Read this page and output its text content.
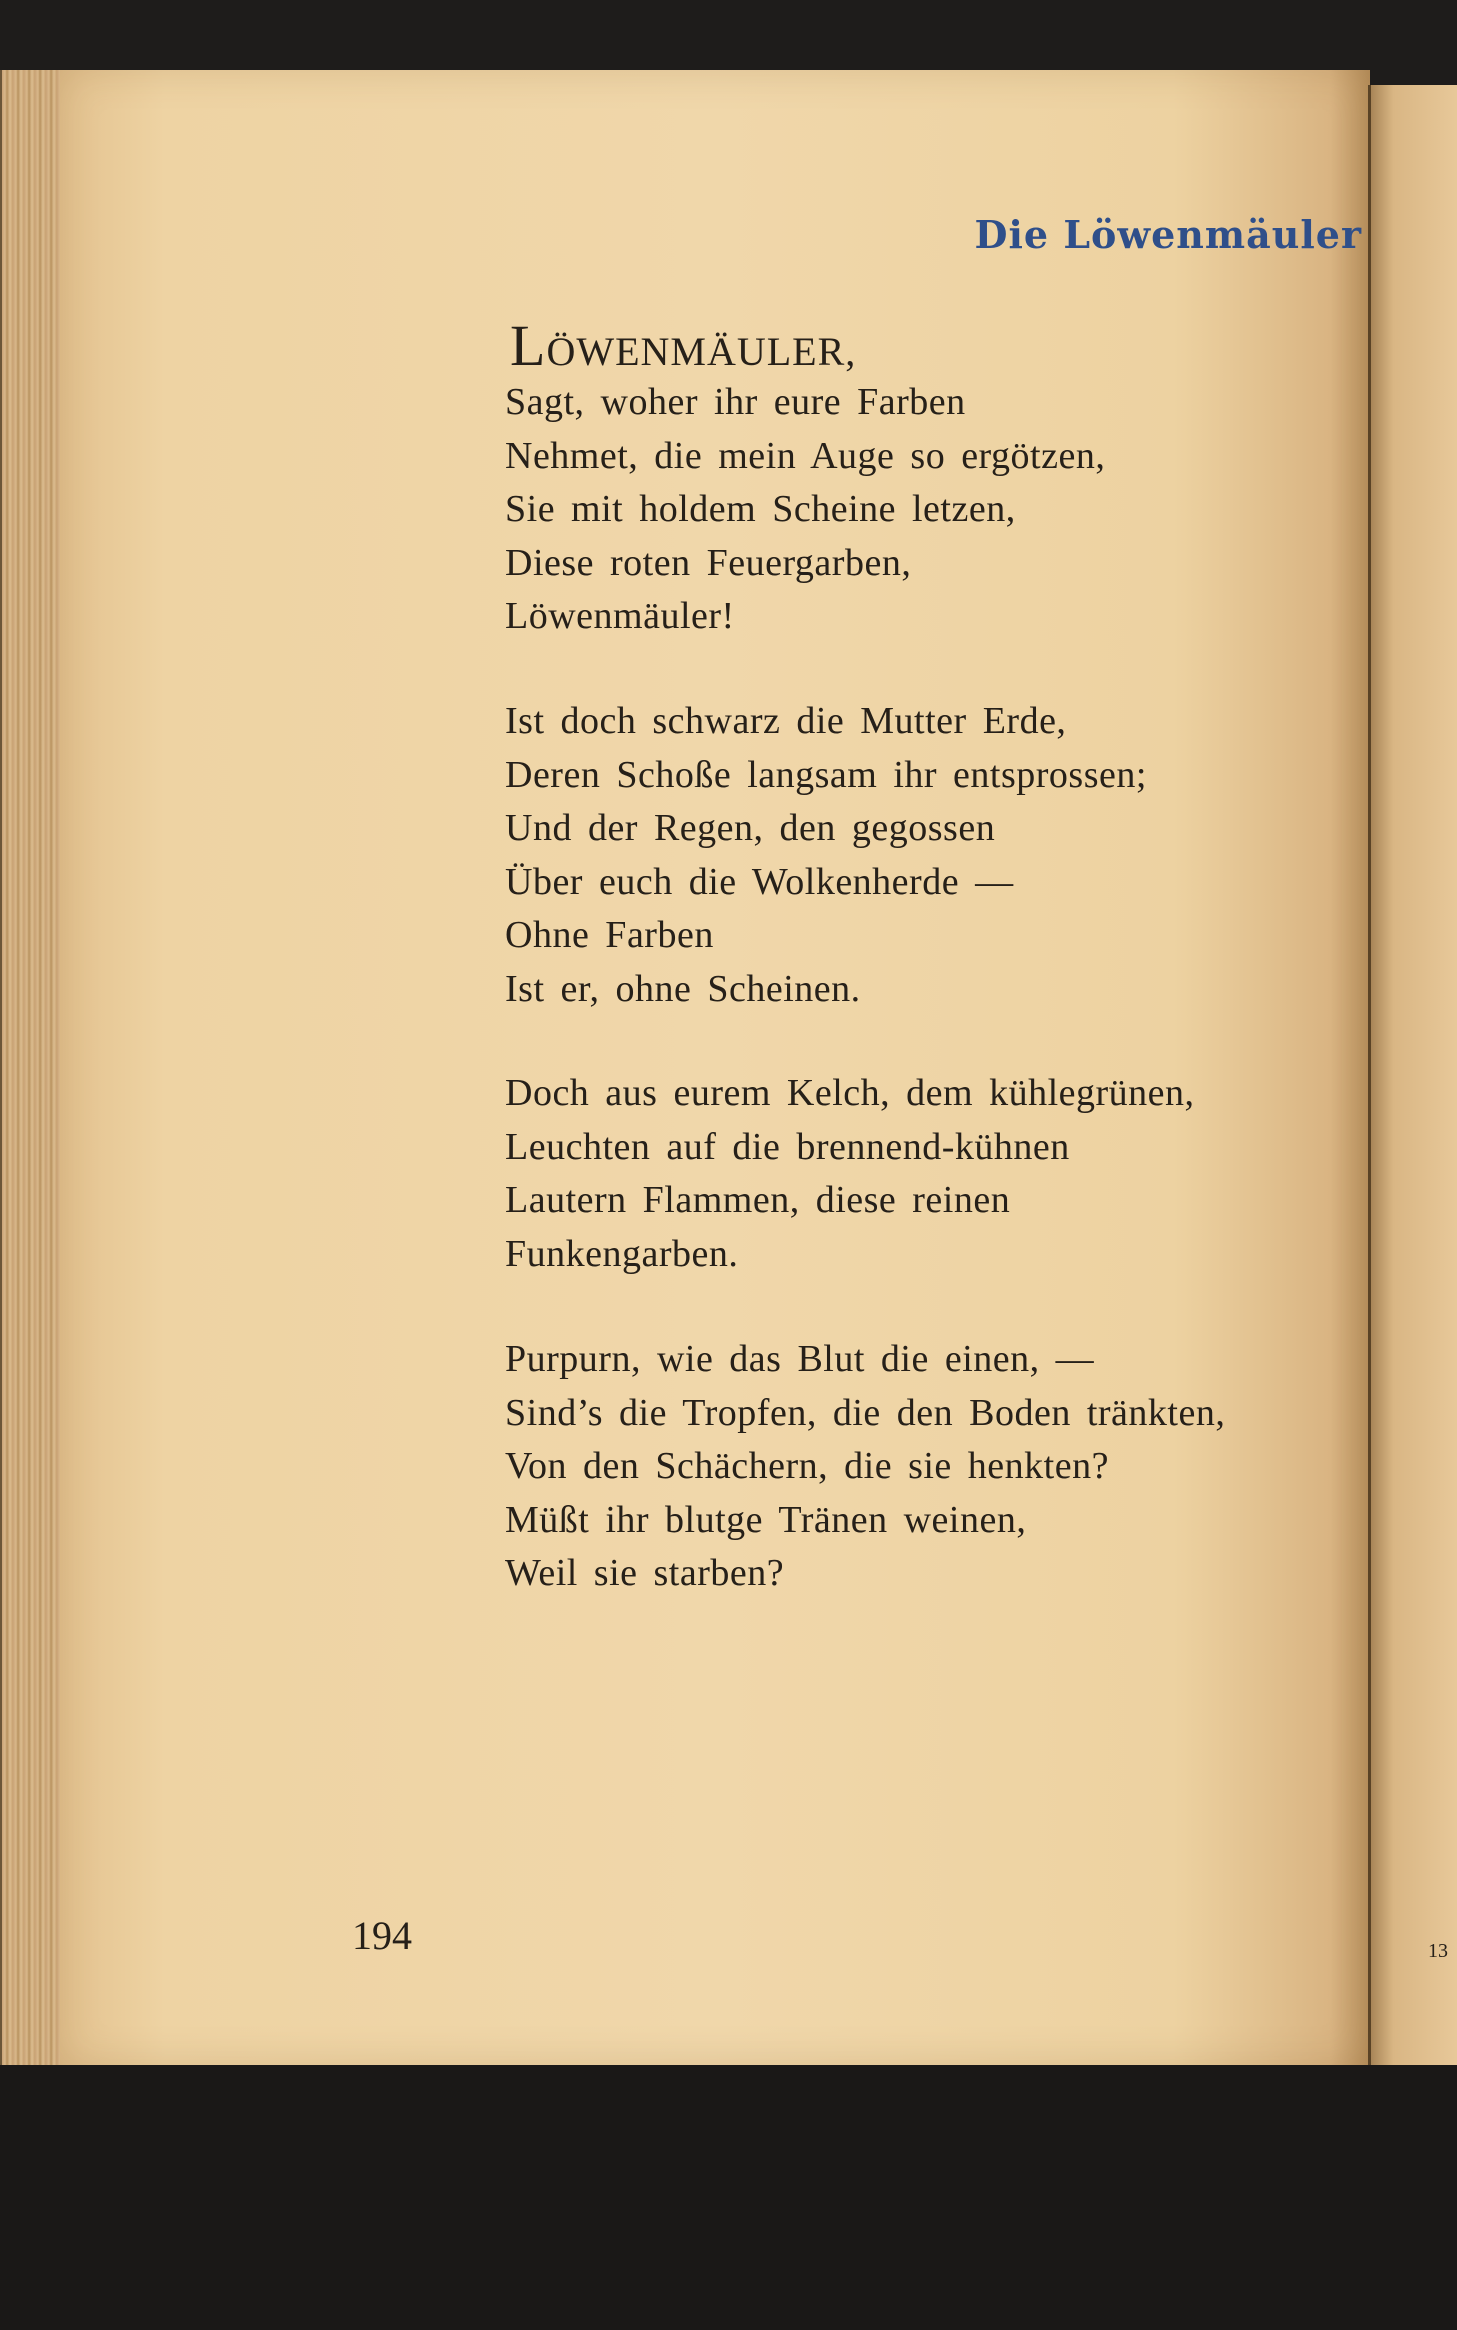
Die Löwenmäuler
LÖWENMÄULER,
Sagt, woher ihr eure Farben
Nehmet, die mein Auge so ergötzen,
Sie mit holdem Scheine letzen,
Diese roten Feuergarben,
Löwenmäuler!
Ist doch schwarz die Mutter Erde,
Deren Schoße langsam ihr entsprossen;
Und der Regen, den gegossen
Über euch die Wolkenherde —
Ohne Farben
Ist er, ohne Scheinen.
Doch aus eurem Kelch, dem kühlegrünen,
Leuchten auf die brennend-kühnen
Lautern Flammen, diese reinen
Funkengarben.
Purpurn, wie das Blut die einen, —
Sind’s die Tropfen, die den Boden tränkten,
Von den Schächern, die sie henkten?
Müßt ihr blutge Tränen weinen,
Weil sie starben?
194	13
